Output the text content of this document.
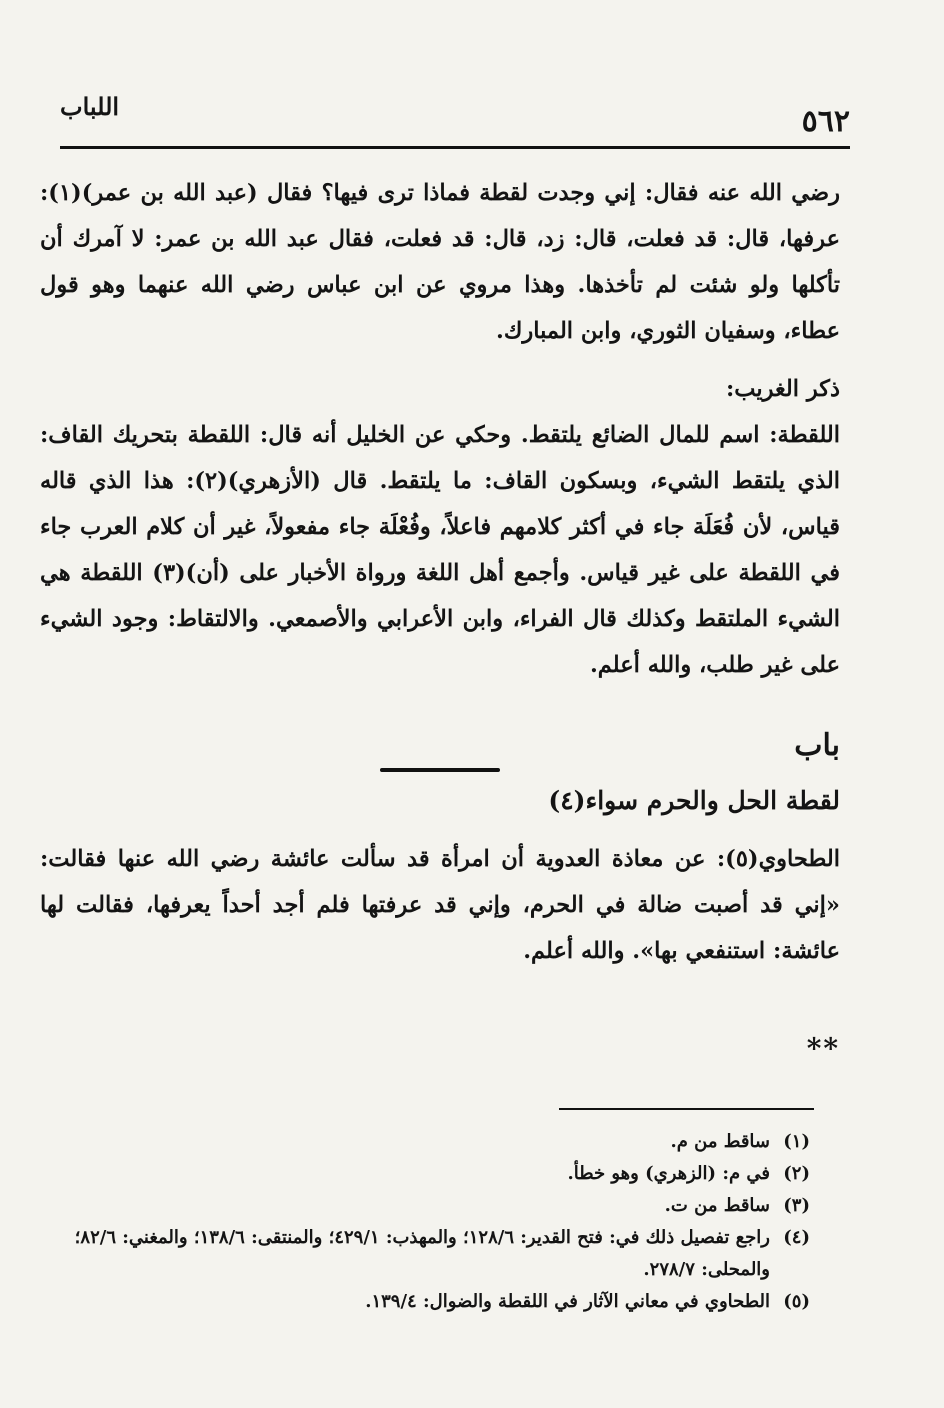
٥٦٢
اللباب

رضي الله عنه فقال: إني وجدت لقطة فماذا ترى فيها؟ فقال (عبد الله بن عمر)(١): عرفها، قال: قد فعلت، قال: زد، قال: قد فعلت، فقال عبد الله بن عمر: لا آمرك أن تأكلها ولو شئت لم تأخذها. وهذا مروي عن ابن عباس رضي الله عنهما وهو قول عطاء، وسفيان الثوري، وابن المبارك.

ذكر الغريب:

اللقطة: اسم للمال الضائع يلتقط. وحكي عن الخليل أنه قال: اللقطة بتحريك القاف: الذي يلتقط الشيء، وبسكون القاف: ما يلتقط. قال (الأزهري)(٢): هذا الذي قاله قياس، لأن فُعَلَة جاء في أكثر كلامهم فاعلاً، وفُعْلَة جاء مفعولاً، غير أن كلام العرب جاء في اللقطة على غير قياس. وأجمع أهل اللغة ورواة الأخبار على (أن)(٣) اللقطة هي الشيء الملتقط وكذلك قال الفراء، وابن الأعرابي والأصمعي. والالتقاط: وجود الشيء على غير طلب، والله أعلم.

باب
لقطة الحل والحرم سواء(٤)

الطحاوي(٥): عن معاذة العدوية أن امرأة قد سألت عائشة رضي الله عنها فقالت: «إني قد أصبت ضالة في الحرم، وإني قد عرفتها فلم أجد أحداً يعرفها، فقالت لها عائشة: استنفعي بها». والله أعلم.

**

(١)
ساقط من م.

(٢)
في م: (الزهري) وهو خطأ.

(٣)
ساقط من ت.

(٤)
راجع تفصيل ذلك في: فتح القدير: ١٢٨/٦؛ والمهذب: ٤٢٩/١؛ والمنتقى: ١٣٨/٦؛ والمغني: ٨٢/٦؛ والمحلى: ٢٧٨/٧.

(٥)
الطحاوي في معاني الآثار في اللقطة والضوال: ١٣٩/٤.
